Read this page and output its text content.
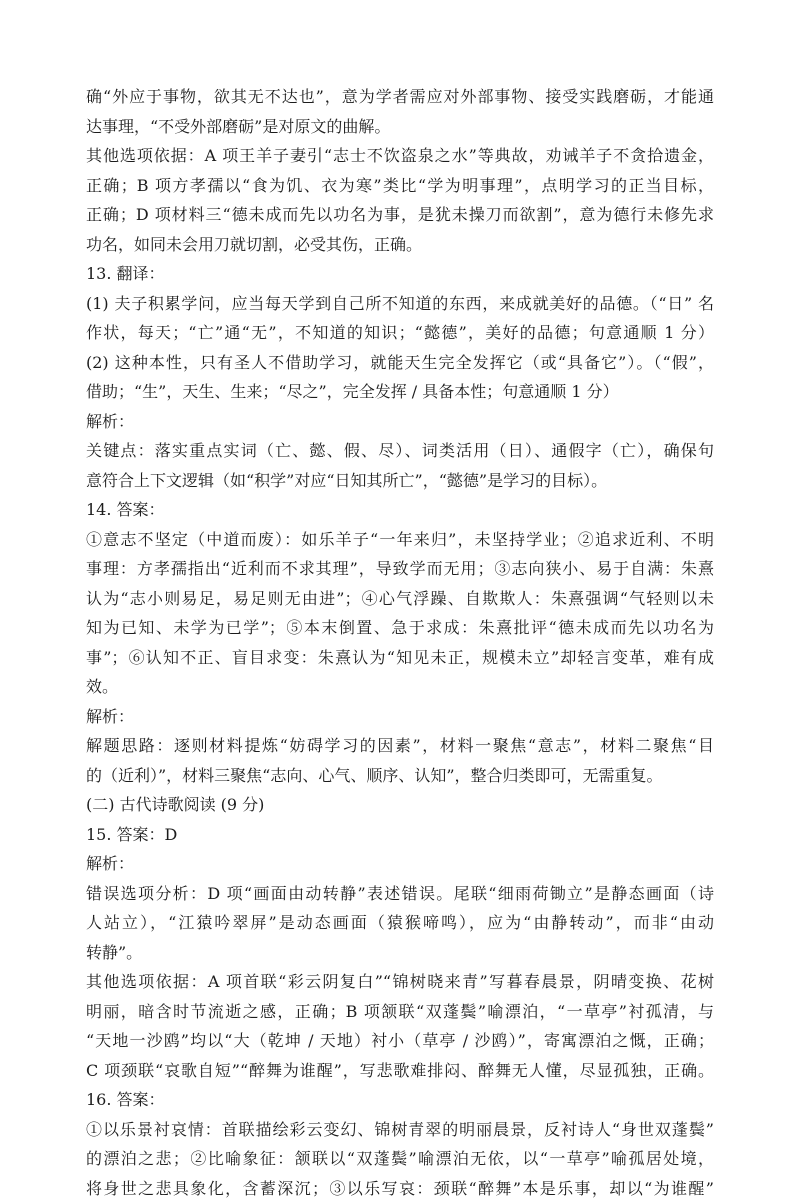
确“外应于事物，欲其无不达也”，意为学者需应对外部事物、接受实践磨砺，才能通
达事理，“不受外部磨砺”是对原文的曲解。
其他选项依据：A 项王羊子妻引“志士不饮盗泉之水”等典故，劝诫羊子不贪拾遗金，
正确；B 项方孝孺以“食为饥、衣为寒”类比“学为明事理”，点明学习的正当目标，
正确；D 项材料三“德未成而先以功名为事，是犹未操刀而欲割”，意为德行未修先求
功名，如同未会用刀就切割，必受其伤，正确。
13. 翻译：
(1) 夫子积累学问，应当每天学到自己所不知道的东西，来成就美好的品德。（“日” 名
作状，每天；“亡”通“无”，不知道的知识；“懿德”，美好的品德；句意通顺 1 分）
(2) 这种本性，只有圣人不借助学习，就能天生完全发挥它（或“具备它”）。（“假”，
借助；“生”，天生、生来；“尽之”，完全发挥 / 具备本性；句意通顺 1 分）
解析：
关键点：落实重点实词（亡、懿、假、尽）、词类活用（日）、通假字（亡），确保句
意符合上下文逻辑（如“积学”对应“日知其所亡”，“懿德”是学习的目标）。
14. 答案：
①意志不坚定（中道而废）：如乐羊子“一年来归”，未坚持学业；②追求近利、不明
事理：方孝孺指出“近利而不求其理”，导致学而无用；③志向狭小、易于自满：朱熹
认为“志小则易足，易足则无由进”；④心气浮躁、自欺欺人：朱熹强调“气轻则以未
知为已知、未学为已学”；⑤本末倒置、急于求成：朱熹批评“德未成而先以功名为
事”；⑥认知不正、盲目求变：朱熹认为“知见未正，规模未立”却轻言变革，难有成
效。
解析：
解题思路：逐则材料提炼“妨碍学习的因素”，材料一聚焦“意志”，材料二聚焦“目
的（近利）”，材料三聚焦“志向、心气、顺序、认知”，整合归类即可，无需重复。
(二) 古代诗歌阅读 (9 分)
15. 答案：D
解析：
错误选项分析：D 项“画面由动转静”表述错误。尾联“细雨荷锄立”是静态画面（诗
人站立），“江猿吟翠屏”是动态画面（猿猴啼鸣），应为“由静转动”，而非“由动
转静”。
其他选项依据：A 项首联“彩云阴复白”“锦树晓来青”写暮春晨景，阴晴变换、花树
明丽，暗含时节流逝之感，正确；B 项颔联“双蓬鬓”喻漂泊，“一草亭”衬孤清，与
“天地一沙鸥”均以“大（乾坤 / 天地）衬小（草亭 / 沙鸥）”，寄寓漂泊之慨，正确；
C 项颈联“哀歌自短”“醉舞为谁醒”，写悲歌难排闷、醉舞无人懂，尽显孤独，正确。
16. 答案：
①以乐景衬哀情：首联描绘彩云变幻、锦树青翠的明丽晨景，反衬诗人“身世双蓬鬓”
的漂泊之悲；②比喻象征：颔联以“双蓬鬓”喻漂泊无依，以“一草亭”喻孤居处境，
将身世之悲具象化，含蓄深沉；③以乐写哀：颈联“醉舞”本是乐事，却以“为谁醒”
